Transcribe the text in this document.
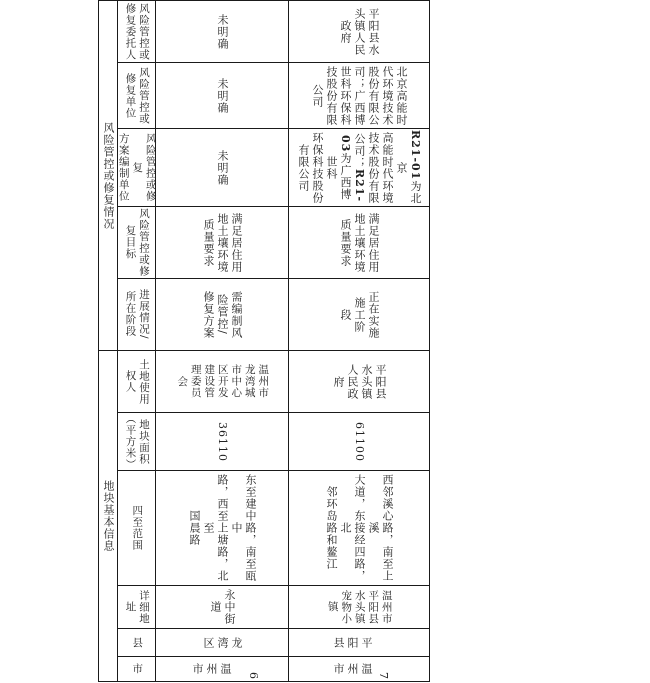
风险管控或修复情况
地块基本信息
风险管控或
修复委托人
风险管控或
修复单位
风险管控或修复
方案编制单位
风险管控或修
复目标
进展情况/
所在阶段
土地使用
权人
地块面积
（平方米）
四至范围
详细地
址
县
市
未明确
未明确
未明确
满足居住用
地土壤环境
质量要求
需编制风
险管控/
修复方案
温州市
龙湾城
市中心
区开发
建设管
理委员
会
36110
东至建中路，南至瓯中
路，西至上塘路，北至
国晨路
永中街
道
龙
湾
区
温
州
市	6
平阳县水
头镇人民
政府
北京高能时
代环境技术
股份有限公
司；广西博
世科环保科
技股份有限
公司
R21-01为北京
高能时代环境
技术股份有限
公司；R21-03为广西博世科
环保科技股份
有限公司
满足居住用
地土壤环境
质量要求
正在实施
施工阶
段
平阳县
水头镇
人民政
府
61100
西邻溪心路，南至上溪
大道，东接经四路，北
邻环岛路和鳌江
温州市
平阳县
水头镇
宠物小
镇
平
阳
县
温
州
市	7
